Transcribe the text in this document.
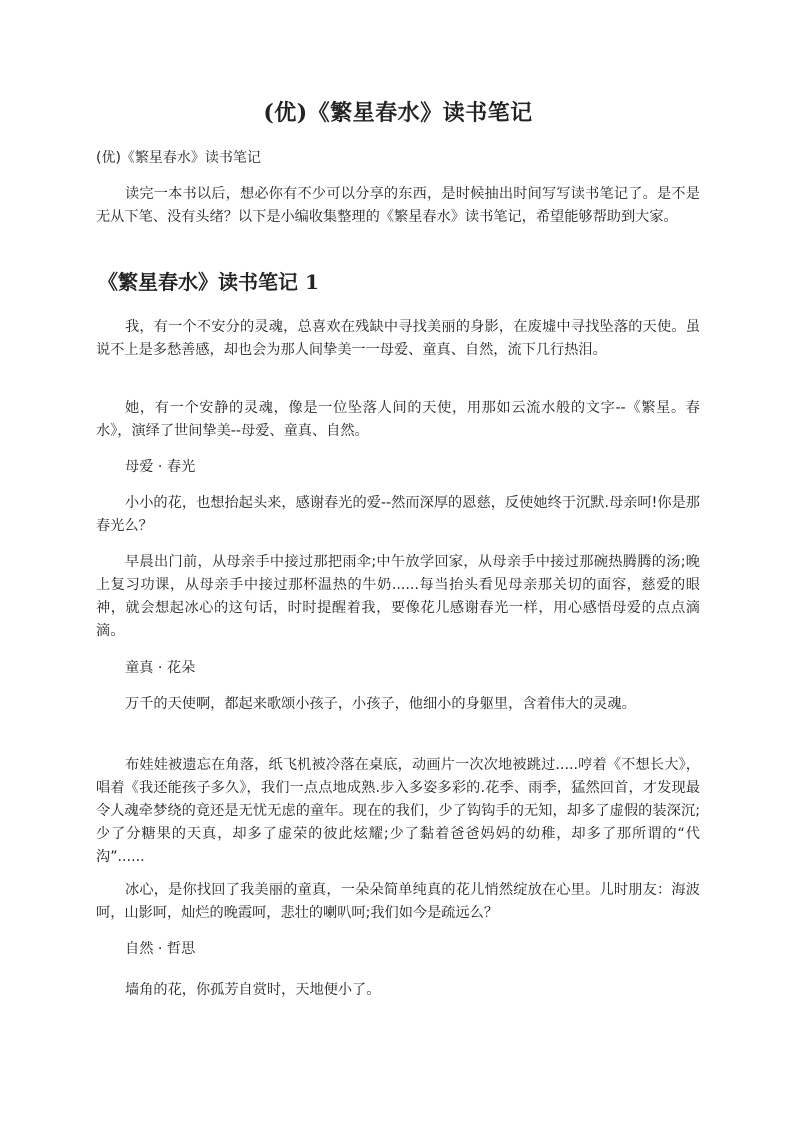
(优)《繁星春水》读书笔记

(优)《繁星春水》读书笔记

读完一本书以后，想必你有不少可以分享的东西，是时候抽出时间写写读书笔记了。是不是无从下笔、没有头绪？以下是小编收集整理的《繁星春水》读书笔记，希望能够帮助到大家。

《繁星春水》读书笔记 1

我，有一个不安分的灵魂，总喜欢在残缺中寻找美丽的身影，在废墟中寻找坠落的天使。虽说不上是多愁善感，却也会为那人间挚美一一母爱、童真、自然，流下几行热泪。

她，有一个安静的灵魂，像是一位坠落人间的天使，用那如云流水般的文字--《繁星。春水》，演绎了世间挚美--母爱、童真、自然。

母爱 · 春光

小小的花，也想抬起头来，感谢春光的爱--然而深厚的恩慈，反使她终于沉默.母亲呵!你是那春光么？

早晨出门前，从母亲手中接过那把雨伞;中午放学回家，从母亲手中接过那碗热腾腾的汤;晚上复习功课，从母亲手中接过那杯温热的牛奶......每当抬头看见母亲那关切的面容，慈爱的眼神，就会想起冰心的这句话，时时提醒着我，要像花儿感谢春光一样，用心感悟母爱的点点滴滴。

童真 · 花朵

万千的天使啊，都起来歌颂小孩子，小孩子，他细小的身躯里，含着伟大的灵魂。

布娃娃被遗忘在角落，纸飞机被冷落在桌底，动画片一次次地被跳过.....哼着《不想长大》，唱着《我还能孩子多久》，我们一点点地成熟.步入多姿多彩的.花季、雨季，猛然回首，才发现最令人魂牵梦绕的竟还是无忧无虑的童年。现在的我们，少了钩钩手的无知，却多了虚假的装深沉;少了分糖果的天真，却多了虚荣的彼此炫耀;少了黏着爸爸妈妈的幼稚，却多了那所谓的“代沟”......

冰心，是你找回了我美丽的童真，一朵朵简单纯真的花儿悄然绽放在心里。儿时朋友：海波呵，山影呵，灿烂的晚霞呵，悲壮的喇叭呵;我们如今是疏远么？

自然 · 哲思

墙角的花，你孤芳自赏时，天地便小了。
